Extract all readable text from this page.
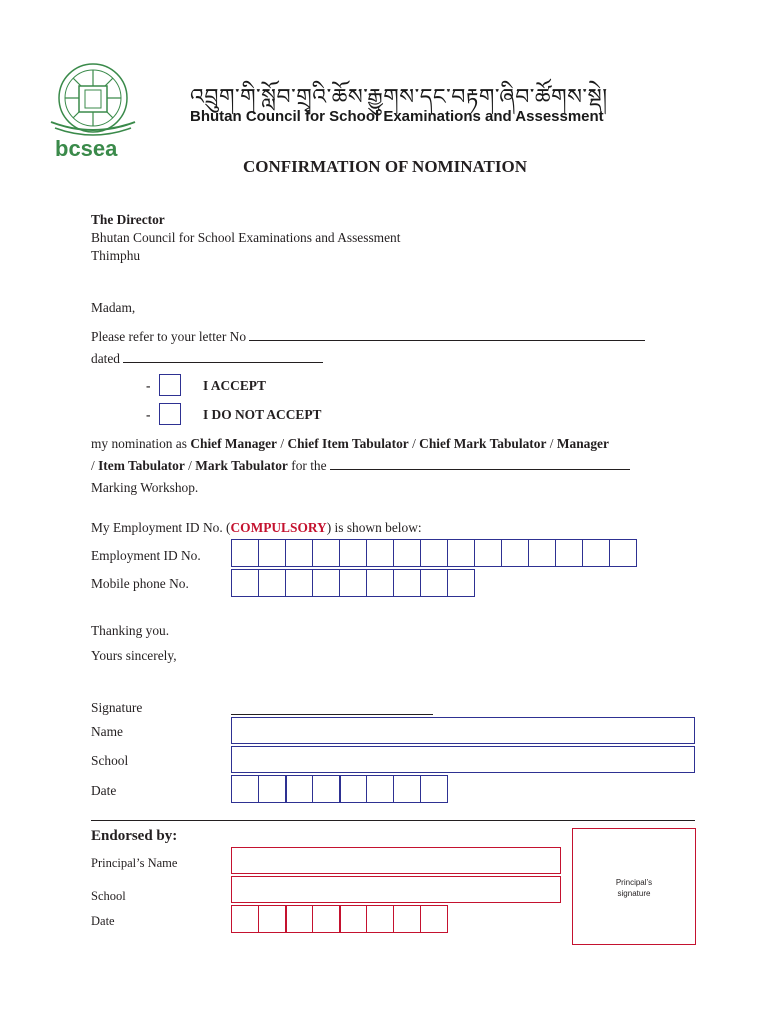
bcsea
འབྲུག་གི་སློབ་གྲྭའི་ཆོས་རྒྱུགས་དང་བརྟག་ཞིབ་ཚོགས་སྡེ།
Bhutan Council for School Examinations and Assessment
CONFIRMATION OF NOMINATION
The Director
Bhutan Council for School Examinations and Assessment
Thimphu
Madam,
Please refer to your letter No
dated
-	I ACCEPT
-	I DO NOT ACCEPT
my nomination as Chief Manager / Chief Item Tabulator / Chief Mark Tabulator / Manager
/ Item Tabulator / Mark Tabulator for the
Marking Workshop.
My Employment ID No. (COMPULSORY) is shown below:
Employment ID No.
Mobile phone No.
Thanking you.
Yours sincerely,
Signature
Name
School
Date
Endorsed by:
Principal’s Name
School
Date
Principal’s
signature
